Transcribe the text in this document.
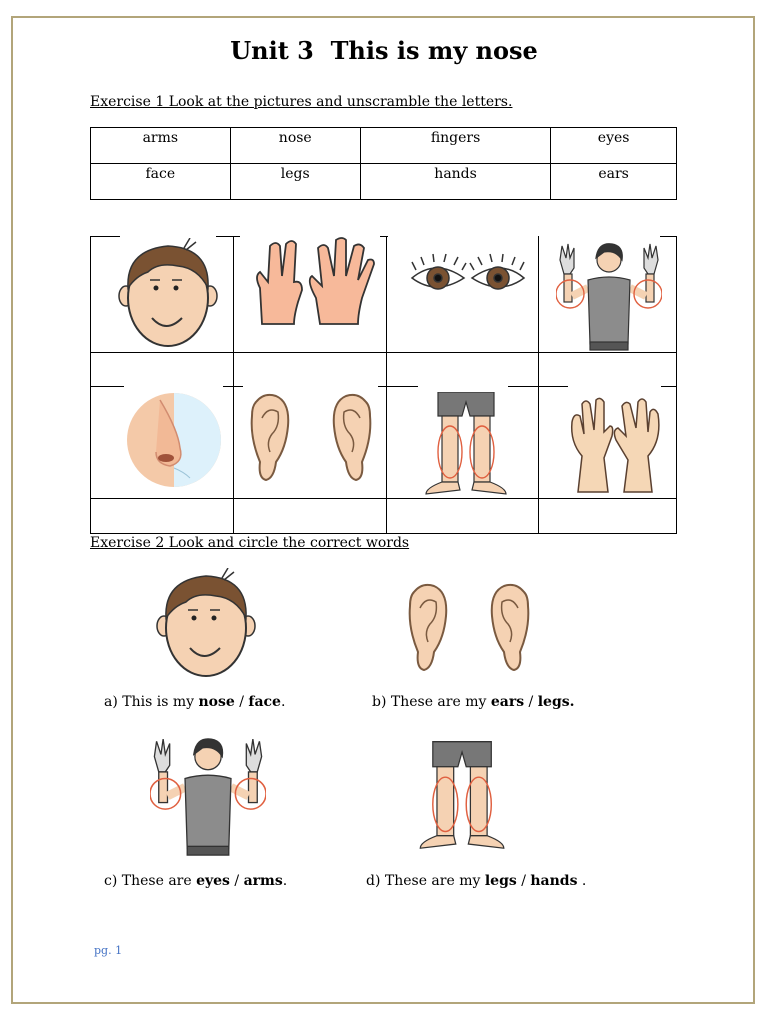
Unit 3  This is my nose
Exercise 1 Look at the pictures and unscramble the letters.
arms	nose	fingers	eyes
face	legs	hands	ears
Exercise 2 Look and circle the correct words
a) This is my nose / face.	b) These are my ears / legs.
c) These are eyes / arms.	d) These are my legs / hands .
pg. 1
